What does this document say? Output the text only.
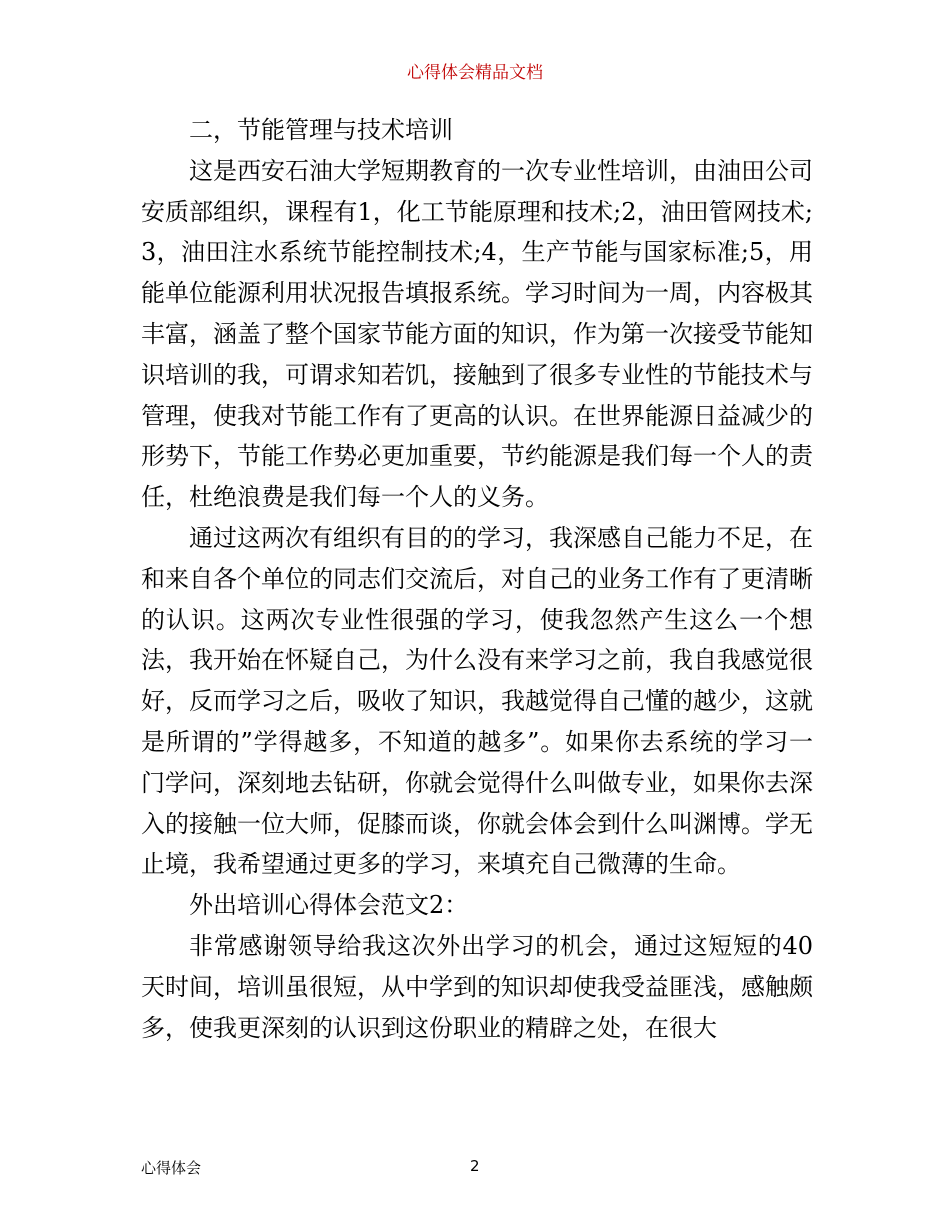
心得体会精品文档

二，节能管理与技术培训

这是西安石油大学短期教育的一次专业性培训，由油田公司安质部组织，课程有1，化工节能原理和技术;2，油田管网技术;3，油田注水系统节能控制技术;4，生产节能与国家标准;5，用能单位能源利用状况报告填报系统。学习时间为一周，内容极其丰富，涵盖了整个国家节能方面的知识，作为第一次接受节能知识培训的我，可谓求知若饥，接触到了很多专业性的节能技术与管理，使我对节能工作有了更高的认识。在世界能源日益减少的形势下，节能工作势必更加重要，节约能源是我们每一个人的责任，杜绝浪费是我们每一个人的义务。

通过这两次有组织有目的的学习，我深感自己能力不足，在和来自各个单位的同志们交流后，对自己的业务工作有了更清晰的认识。这两次专业性很强的学习，使我忽然产生这么一个想法，我开始在怀疑自己，为什么没有来学习之前，我自我感觉很好，反而学习之后，吸收了知识，我越觉得自己懂的越少，这就是所谓的”学得越多，不知道的越多”。如果你去系统的学习一门学问，深刻地去钻研，你就会觉得什么叫做专业，如果你去深入的接触一位大师，促膝而谈，你就会体会到什么叫渊博。学无止境，我希望通过更多的学习，来填充自己微薄的生命。

外出培训心得体会范文2：

非常感谢领导给我这次外出学习的机会，通过这短短的40天时间，培训虽很短，从中学到的知识却使我受益匪浅，感触颇多，使我更深刻的认识到这份职业的精辟之处，在很大

心得体会	2
